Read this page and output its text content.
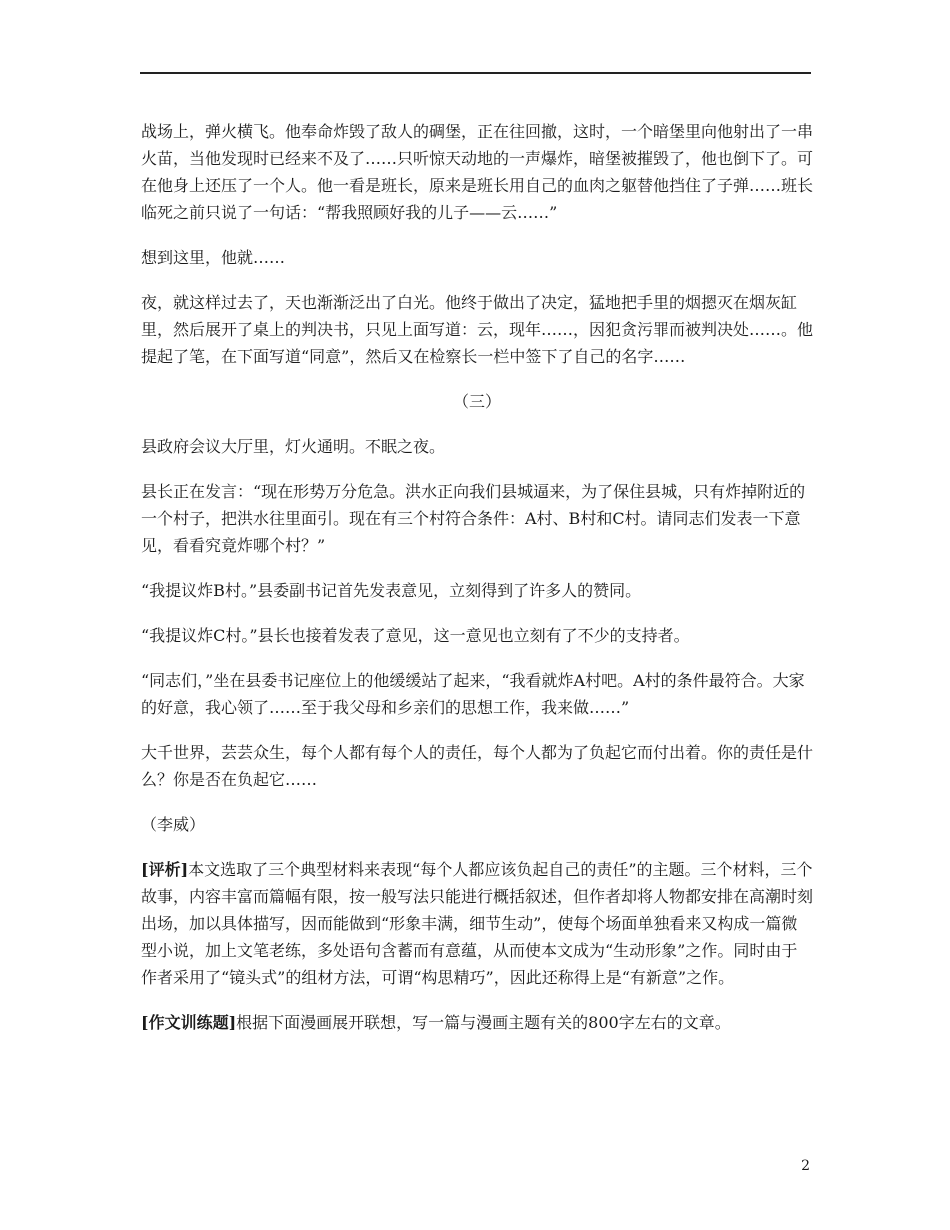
战场上，弹火横飞。他奉命炸毁了敌人的碉堡，正在往回撤，这时，一个暗堡里向他射出了一串火苗，当他发现时已经来不及了……只听惊天动地的一声爆炸，暗堡被摧毁了，他也倒下了。可在他身上还压了一个人。他一看是班长，原来是班长用自己的血肉之躯替他挡住了子弹……班长临死之前只说了一句话：“帮我照顾好我的儿子——云……”

想到这里，他就……

夜，就这样过去了，天也渐渐泛出了白光。他终于做出了决定，猛地把手里的烟摁灭在烟灰缸里，然后展开了桌上的判决书，只见上面写道：云，现年……，因犯贪污罪而被判决处……。他提起了笔，在下面写道“同意”，然后又在检察长一栏中签下了自己的名字……

（三）

县政府会议大厅里，灯火通明。不眠之夜。

县长正在发言：“现在形势万分危急。洪水正向我们县城逼来，为了保住县城，只有炸掉附近的一个村子，把洪水往里面引。现在有三个村符合条件：A村、B村和C村。请同志们发表一下意见，看看究竟炸哪个村？”

“我提议炸B村。”县委副书记首先发表意见，立刻得到了许多人的赞同。

“我提议炸C村。”县长也接着发表了意见，这一意见也立刻有了不少的支持者。

“同志们，”坐在县委书记座位上的他缓缓站了起来，“我看就炸A村吧。A村的条件最符合。大家的好意，我心领了……至于我父母和乡亲们的思想工作，我来做……”

大千世界，芸芸众生，每个人都有每个人的责任，每个人都为了负起它而付出着。你的责任是什么？你是否在负起它……

（李威）

[评析]本文选取了三个典型材料来表现“每个人都应该负起自己的责任”的主题。三个材料，三个故事，内容丰富而篇幅有限，按一般写法只能进行概括叙述，但作者却将人物都安排在高潮时刻出场，加以具体描写，因而能做到“形象丰满，细节生动”，使每个场面单独看来又构成一篇微型小说，加上文笔老练，多处语句含蓄而有意蕴，从而使本文成为“生动形象”之作。同时由于作者采用了“镜头式”的组材方法，可谓“构思精巧”，因此还称得上是“有新意”之作。

[作文训练题]根据下面漫画展开联想，写一篇与漫画主题有关的800字左右的文章。

2
